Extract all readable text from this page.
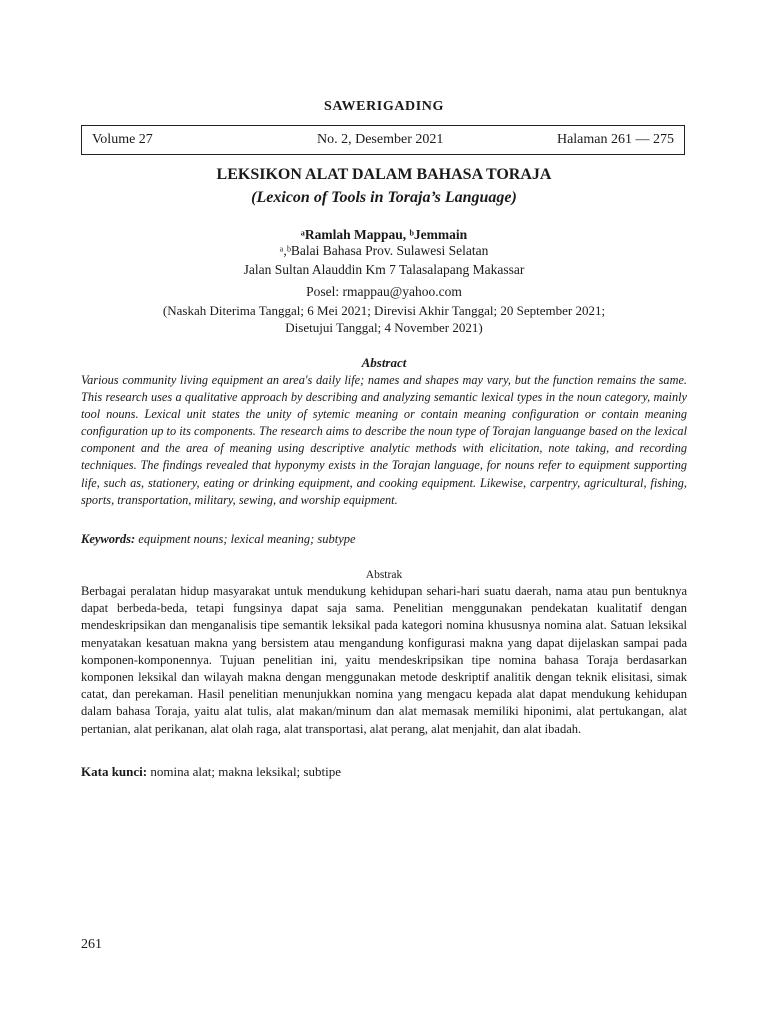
SAWERIGADING
Volume 27	No. 2, Desember 2021	Halaman 261 — 275
LEKSIKON ALAT DALAM BAHASA TORAJA
(Lexicon of Tools in Toraja’s Language)
ᵃRamlah Mappau, ᵇJemmain
ᵃ,ᵇBalai Bahasa Prov. Sulawesi Selatan
Jalan Sultan Alauddin Km 7 Talasalapang Makassar
Posel: rmappau@yahoo.com
(Naskah Diterima Tanggal; 6 Mei 2021; Direvisi Akhir Tanggal; 20 September 2021;
Disetujui Tanggal; 4 November 2021)
Abstract

Various community living equipment an area's daily life; names and shapes may vary, but the function remains the same. This research uses a qualitative approach by describing and analyzing semantic lexical types in the noun category, mainly tool nouns. Lexical unit states the unity of sytemic meaning or contain meaning configuration or contain meaning configuration up to its components. The research aims to describe the noun type of Torajan languange based on the lexical component and the area of meaning using descriptive analytic methods with elicitation, note taking, and recording techniques. The findings revealed that hyponymy exists in the Torajan language, for nouns refer to equipment supporting life, such as, stationery, eating or drinking equipment, and cooking equipment. Likewise, carpentry, agricultural, fishing, sports, transportation, military, sewing, and worship equipment.

Keywords: equipment nouns; lexical meaning; subtype
Abstrak

Berbagai peralatan hidup masyarakat untuk mendukung kehidupan sehari-hari suatu daerah, nama atau pun bentuknya dapat berbeda-beda, tetapi fungsinya dapat saja sama. Penelitian menggunakan pendekatan kualitatif dengan mendeskripsikan dan menganalisis tipe semantik leksikal pada kategori nomina khususnya nomina alat. Satuan leksikal menyatakan kesatuan makna yang bersistem atau mengandung konfigurasi makna yang dapat dijelaskan sampai pada komponen-komponennya. Tujuan penelitian ini, yaitu mendeskripsikan tipe nomina bahasa Toraja berdasarkan komponen leksikal dan wilayah makna dengan menggunakan metode deskriptif analitik dengan teknik elisitasi, simak catat, dan perekaman. Hasil penelitian menunjukkan nomina yang mengacu kepada alat dapat mendukung kehidupan dalam bahasa Toraja, yaitu alat tulis, alat makan/minum dan alat memasak memiliki hiponimi, alat pertukangan, alat pertanian, alat perikanan, alat olah raga, alat transportasi, alat perang, alat menjahit, dan alat ibadah.

Kata kunci: nomina alat; makna leksikal; subtipe
261
